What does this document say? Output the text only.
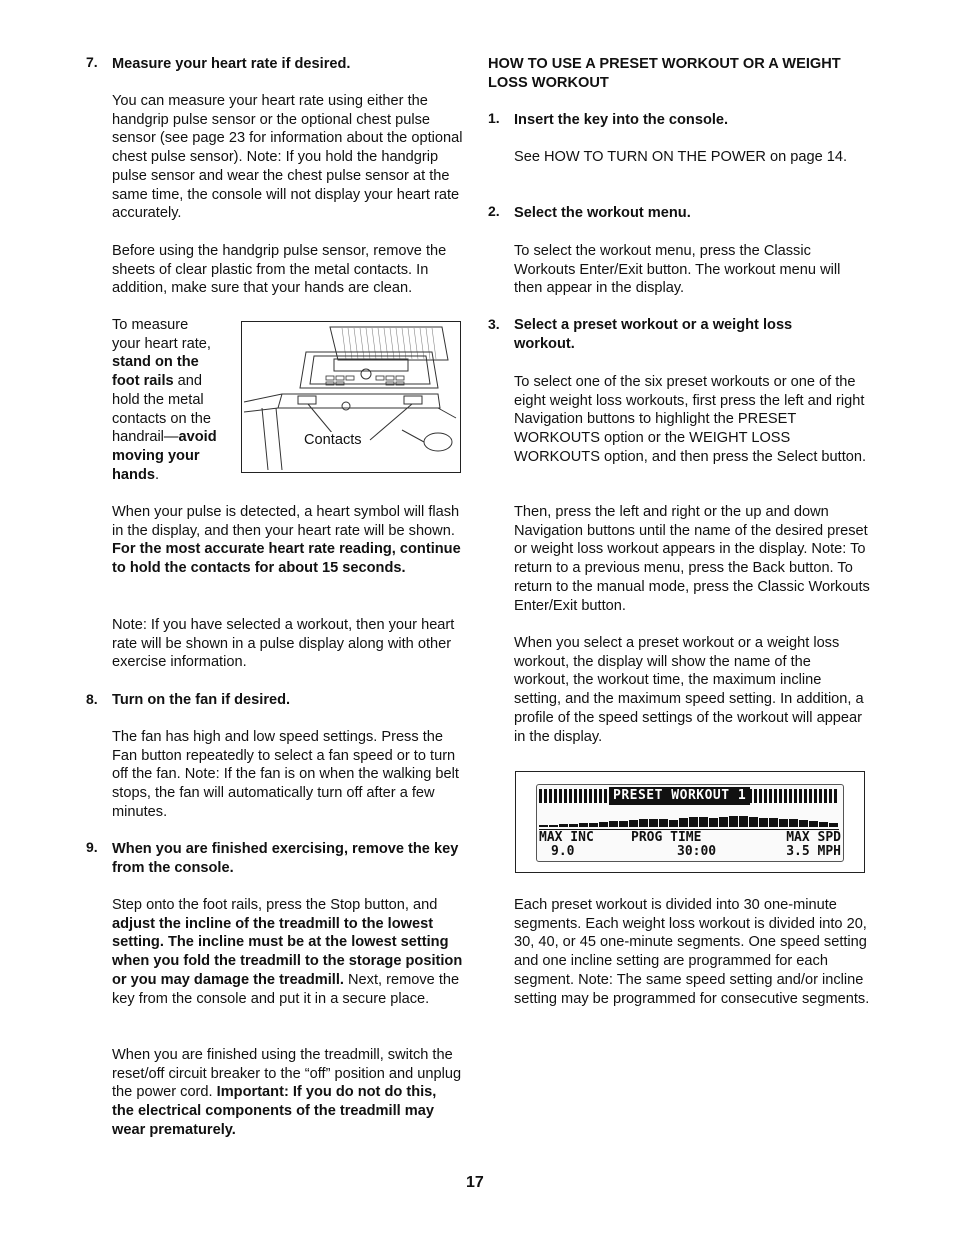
7. Measure your heart rate if desired.
You can measure your heart rate using either the handgrip pulse sensor or the optional chest pulse sensor (see page 23 for information about the optional chest pulse sensor). Note: If you hold the handgrip pulse sensor and wear the chest pulse sensor at the same time, the console will not display your heart rate accurately.
Before using the handgrip pulse sensor, remove the sheets of clear plastic from the metal contacts. In addition, make sure that your hands are clean.
To measure your heart rate, stand on the foot rails and hold the metal contacts on the handrail—avoid moving your hands.
Contacts
When your pulse is detected, a heart symbol will flash in the display, and then your heart rate will be shown. For the most accurate heart rate reading, continue to hold the contacts for about 15 seconds.
Note: If you have selected a workout, then your heart rate will be shown in a pulse display along with other exercise information.
8. Turn on the fan if desired.
The fan has high and low speed settings. Press the Fan button repeatedly to select a fan speed or to turn off the fan. Note: If the fan is on when the walking belt stops, the fan will automatically turn off after a few minutes.
9. When you are finished exercising, remove the key from the console.
Step onto the foot rails, press the Stop button, and adjust the incline of the treadmill to the lowest setting. The incline must be at the lowest setting when you fold the treadmill to the storage position or you may damage the treadmill. Next, remove the key from the console and put it in a secure place.
When you are finished using the treadmill, switch the reset/off circuit breaker to the “off” position and unplug the power cord. Important: If you do not do this, the electrical components of the treadmill may wear prematurely.
HOW TO USE A PRESET WORKOUT OR A WEIGHT LOSS WORKOUT
1. Insert the key into the console.
See HOW TO TURN ON THE POWER on page 14.
2. Select the workout menu.
To select the workout menu, press the Classic Workouts Enter/Exit button. The workout menu will then appear in the display.
3. Select a preset workout or a weight loss workout.
To select one of the six preset workouts or one of the eight weight loss workouts, first press the left and right Navigation buttons to highlight the PRESET WORKOUTS option or the WEIGHT LOSS WORKOUTS option, and then press the Select button.
Then, press the left and right or the up and down Navigation buttons until the name of the desired preset or weight loss workout appears in the display. Note: To return to a previous menu, press the Back button. To return to the manual mode, press the Classic Workouts Enter/Exit button.
When you select a preset workout or a weight loss workout, the display will show the name of the workout, the workout time, the maximum incline setting, and the maximum speed setting. In addition, a profile of the speed settings of the workout will appear in the display.
PRESET WORKOUT 1
MAX INC	PROG TIME	MAX SPD
9.0	30:00	3.5 MPH
Each preset workout is divided into 30 one-minute segments. Each weight loss workout is divided into 20, 30, 40, or 45 one-minute segments. One speed setting and one incline setting are programmed for each segment. Note: The same speed setting and/or incline setting may be programmed for consecutive segments.
17
